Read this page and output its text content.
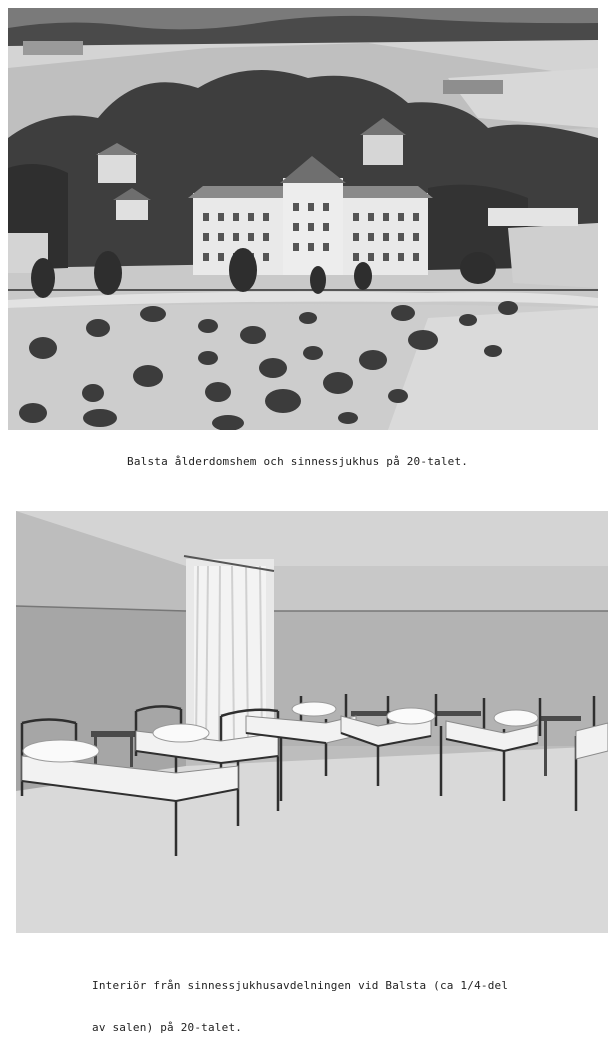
Balsta ålderdomshem och sinnessjukhus på 20-talet.

Interiör från sinnessjukhusavdelningen vid Balsta (ca 1/4-del

av salen) på 20-talet.
